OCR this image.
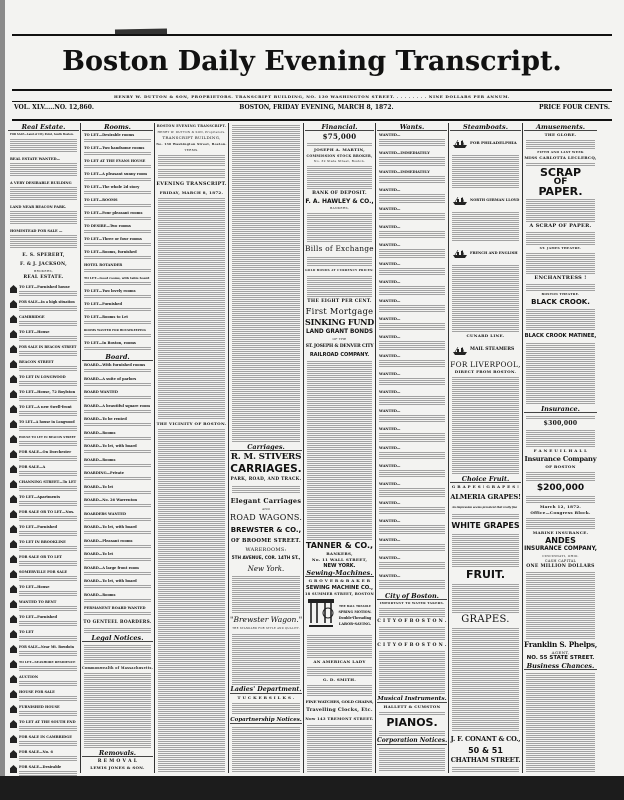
Boston Daily Evening Transcript.
HENRY W. DUTTON & SON, PROPRIETORS. TRANSCRIPT BUILDING, NO. 130 WASHINGTON STREET. . . . . . . . . NINE DOLLARS PER ANNUM.
VOL. XLV.....NO. 12,860.	BOSTON, FRIDAY EVENING, MARCH 8, 1872.	PRICE FOUR CENTS.
Real Estate.
FOR SALE—Land of City Point, South Boston.
REAL ESTATE WANTED—
A VERY DESIRABLE BUILDING
LAND NEAR BEACON PARK.
HOMESTEAD FOR SALE —
E. S. SPEREBT,
F. & J. JACKSON,
BROKERS,
REAL ESTATE.
TO LET—Furnished house
FOR SALE—In a high situation
CAMBRIDGE
TO LET—House
FOR SALE IN BEACON STREET
BEACON STREET
TO LET IN LONGWOOD
TO LET—House, 72 Boylston
TO LET—A new Swell-front
TO LET—A house in Longwood
HOUSE TO LET IN BEACON STREET
FOR SALE—On Dorchester
FOR SALE—A
CHANNING STREET—To LET
TO LET—Apartments
FOR SALE OR TO LET—Nos.
TO LET—Furnished
TO LET IN BROOKLINE
FOR SALE OR TO LET
SOMERVILLE FOR SALE
TO LET—House
WANTED TO RENT
TO LET—Furnished
TO LET
FOR SALE—Near Mt. Bowdoin
TO LET—SEASHORE RESIDENCE
AUCTION
HOUSE FOR SALE
FURNISHED HOUSE
TO LET AT THE SOUTH END
FOR SALE IN CAMBRIDGE
FOR SALE—No. 6
FOR SALE—Desirable
Rooms.
TO LET—Desirable rooms
TO LET—Two handsome rooms
TO LET AT THE EVANS HOUSE
TO LET—A pleasant sunny room
TO LET—The whole 2d story
TO LET—ROOMS
TO LET—Four pleasant rooms
TO DESIRE—Two rooms
TO LET—Three or four rooms
TO LET—Rooms, furnished
HOTEL ROTANDER
TO LET—Good rooms, with table board
TO LET—Two lovely rooms
TO LET—Furnished
TO LET—Rooms to Let
ROOMS WANTED FOR HOUSEKEEPING
TO LET—In Boston, rooms
Board.
BOARD—With furnished rooms
BOARD—A suite of parlors
BOARD WANTED
BOARD—A beautiful square room
BOARD—To be rented
BOARD—Rooms
BOARD—To let, with board
BOARD—Rooms
BOARDING—Private
BOARD—To let
BOARD—No. 26 Warrenton
BOARDERS WANTED
BOARD—To let, with board
BOARD—Pleasant rooms
BOARD—To let
BOARD—A large front room
BOARD—To let, with board
BOARD—Rooms
PERMANENT BOARD WANTED
TO GENTEEL BOARDERS.
Legal Notices.
Commonwealth of Massachusetts.
Removals.
R E M O V A L
LEWIS JONES & SON.
BOSTON EVENING TRANSCRIPT.
HENRY W. DUTTON & SON, Proprietors.
TRANSCRIPT BUILDING,
No. 130 Washington Street, Boston.
TERMS.
EVENING TRANSCRIPT.
FRIDAY, MARCH 8, 1872.
THE VICINITY OF BOSTON.
Carriages.
R. M. STIVERS
CARRIAGES.
PARK, ROAD, AND TRACK.
Elegant Carriages
AND
ROAD WAGONS.
BREWSTER & CO.,
OF BROOME STREET.
WAREROOMS:
5TH AVENUE, COR. 14TH ST.,
New York.
"Brewster Wagon."
THE STANDARD FOR STYLE AND QUALITY.
Ladies' Department.
T U C K E R S I L K S .
Copartnership Notices.
Financial.
$75,000
JOSEPH A. MARTIN,
COMMISSION STOCK BROKER,
No. 32 State Street, Boston.
BANK OF DEPOSIT.
F. A. HAWLEY & CO.,
BANKERS,
Bills of Exchange
GOLD BONDS AT CURRENCY PRICES:
THE EIGHT PER CENT.
First Mortgage
SINKING FUND
LAND GRANT BONDS
OF THE
ST. JOSEPH & DENVER CITY
RAILROAD COMPANY.
TANNER & CO.,
BANKERS,
No. 11 WALL STREET,
NEW YORK.
Sewing-Machines.
G R O V E R & B A K E R
SEWING MACHINE CO.,
18 SUMMER STREET, BOSTON
THE BALL TREADLE
SPRING MOTION.
Double-Threading
LABOR-SAVING.
AN AMERICAN LADY
G. D. SMITH.
FINE WATCHES, GOLD CHAINS,
Travelling Clocks, Etc.
Now 143 TREMONT STREET.
Wants.
WANTED—
WANTED—IMMEDIATELY
WANTED—IMMEDIATELY
WANTED—
WANTED—
WANTED—
WANTED—
WANTED—
WANTED—
WANTED—
WANTED—
WANTED—
WANTED—
WANTED—
WANTED—
WANTED—
WANTED—
WANTED—
WANTED—
WANTED—
WANTED—
WANTED—
WANTED—
WANTED—
WANTED—
City of Boston.
IMPORTANT TO WATER TAKERS.
C I T Y O F B O S T O N .
C I T Y O F B O S T O N .
Musical Instruments.
HALLETT & CUMSTON
PIANOS.
Corporation Notices.
Steamboats.
FOR PHILADELPHIA
NORTH GERMAN LLOYD
FRENCH AND ENGLISH
CUNARD LINE.
MAIL STEAMERS
FOR LIVERPOOL,
DIRECT FROM BOSTON.
Choice Fruit.
G R A P E S ! G R A P E S !
ALMERIA GRAPES!
An impression seems prevalent that really fine
WHITE GRAPES
FRUIT.
GRAPES.
J. F. CONANT & CO.,
50 & 51
CHATHAM STREET.
Amusements.
THE GLOBE.
FIFTH AND LAST WEEK
MISS CARLOTTA LECLERCQ,
SCRAP
OF
PAPER.
A SCRAP OF PAPER.
ST. JAMES THEATRE.
ENCHANTRESS !
BOSTON THEATRE.
BLACK CROOK.
BLACK CROOK MATINEE,
Insurance.
$300,000
F A N E U I L H A L L
Insurance Company
OF BOSTON
$200,000
March 12, 1872.
Office—Congress Block.
MARINE INSURANCE.
ANDES
INSURANCE COMPANY,
CINCINNATI, OHIO.
CASH CAPITAL
ONE MILLION DOLLARS
Franklin S. Phelps,
AGENT,
NO. 55 STATE STREET.
Business Chances.
